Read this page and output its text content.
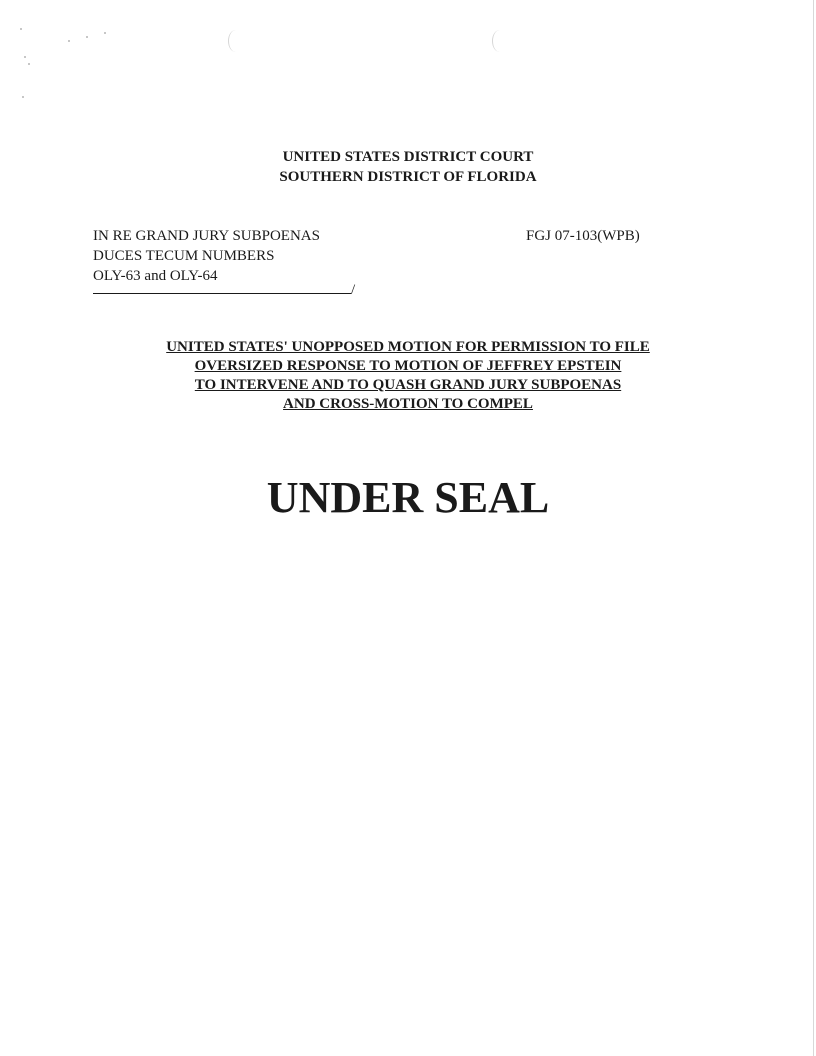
UNITED STATES DISTRICT COURT
SOUTHERN DISTRICT OF FLORIDA
IN RE GRAND JURY SUBPOENAS
DUCES TECUM NUMBERS
OLY-63 and OLY-64
/
FGJ 07-103(WPB)
UNITED STATES' UNOPPOSED MOTION FOR PERMISSION TO FILE
OVERSIZED RESPONSE TO MOTION OF JEFFREY EPSTEIN
TO INTERVENE AND TO QUASH GRAND JURY SUBPOENAS
AND CROSS-MOTION TO COMPEL
UNDER SEAL
